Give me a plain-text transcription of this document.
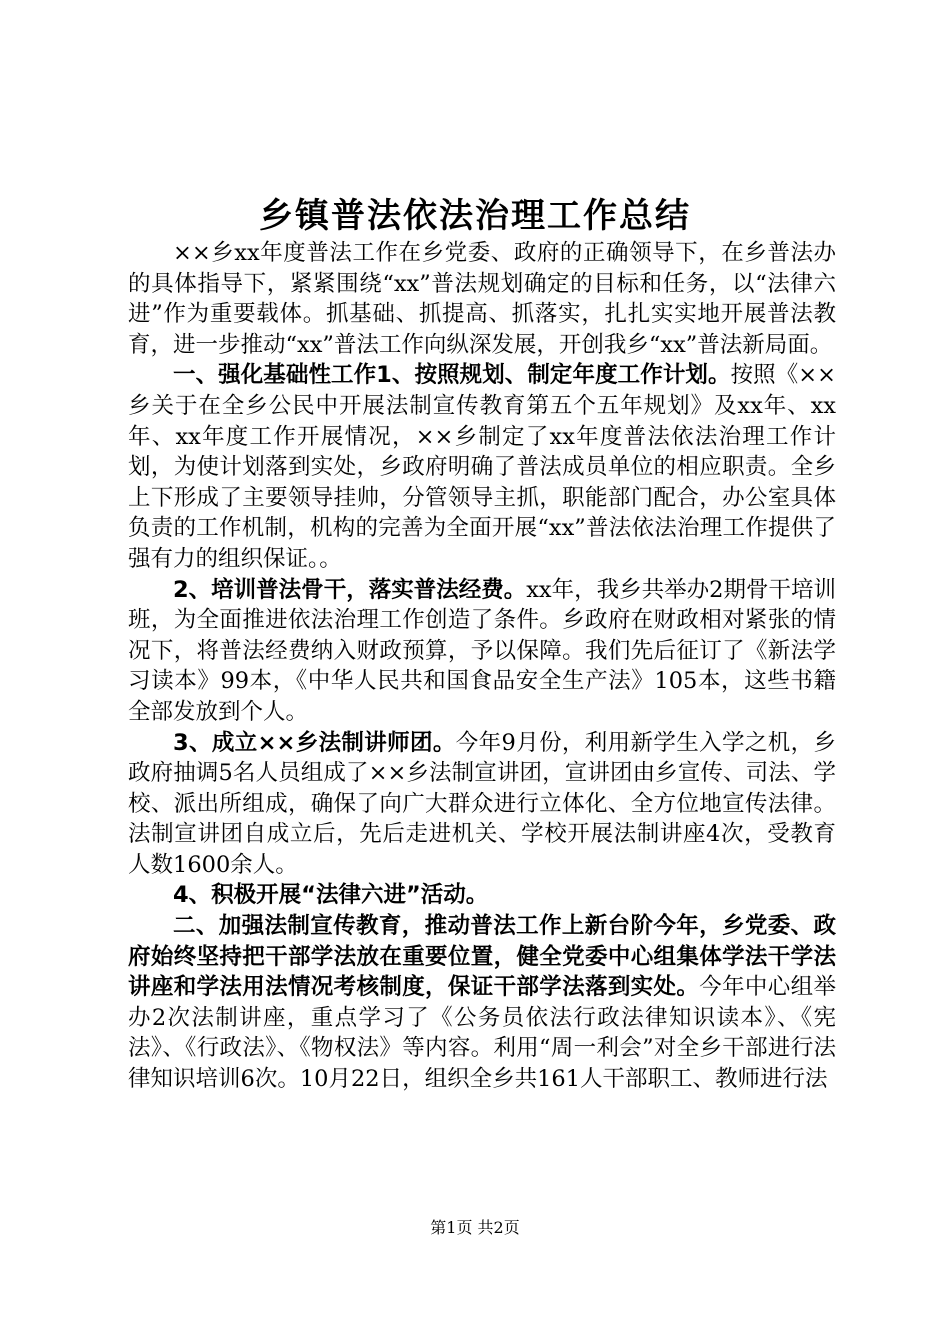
乡镇普法依法治理工作总结

××乡xx年度普法工作在乡党委、政府的正确领导下，在乡普法办的具体指导下，紧紧围绕“xx”普法规划确定的目标和任务，以“法律六进”作为重要载体。抓基础、抓提高、抓落实，扎扎实实地开展普法教育，进一步推动“xx”普法工作向纵深发展，开创我乡“xx”普法新局面。

一、强化基础性工作1、按照规划、制定年度工作计划。按照《××乡关于在全乡公民中开展法制宣传教育第五个五年规划》及xx年、xx年、xx年度工作开展情况，××乡制定了xx年度普法依法治理工作计划，为使计划落到实处，乡政府明确了普法成员单位的相应职责。全乡上下形成了主要领导挂帅，分管领导主抓，职能部门配合，办公室具体负责的工作机制，机构的完善为全面开展“xx”普法依法治理工作提供了强有力的组织保证。。

2、培训普法骨干，落实普法经费。xx年，我乡共举办2期骨干培训班，为全面推进依法治理工作创造了条件。乡政府在财政相对紧张的情况下，将普法经费纳入财政预算，予以保障。我们先后征订了《新法学习读本》99本，《中华人民共和国食品安全生产法》105本，这些书籍全部发放到个人。

3、成立××乡法制讲师团。今年9月份，利用新学生入学之机，乡政府抽调5名人员组成了××乡法制宣讲团，宣讲团由乡宣传、司法、学校、派出所组成，确保了向广大群众进行立体化、全方位地宣传法律。法制宣讲团自成立后，先后走进机关、学校开展法制讲座4次，受教育人数1600余人。

4、积极开展“法律六进”活动。

二、加强法制宣传教育，推动普法工作上新台阶今年，乡党委、政府始终坚持把干部学法放在重要位置，健全党委中心组集体学法干学法讲座和学法用法情况考核制度，保证干部学法落到实处。今年中心组举办2次法制讲座，重点学习了《公务员依法行政法律知识读本》、《宪法》、《行政法》、《物权法》等内容。利用“周一利会”对全乡干部进行法律知识培训6次。10月22日，组织全乡共161人干部职工、教师进行法

第1页 共2页
